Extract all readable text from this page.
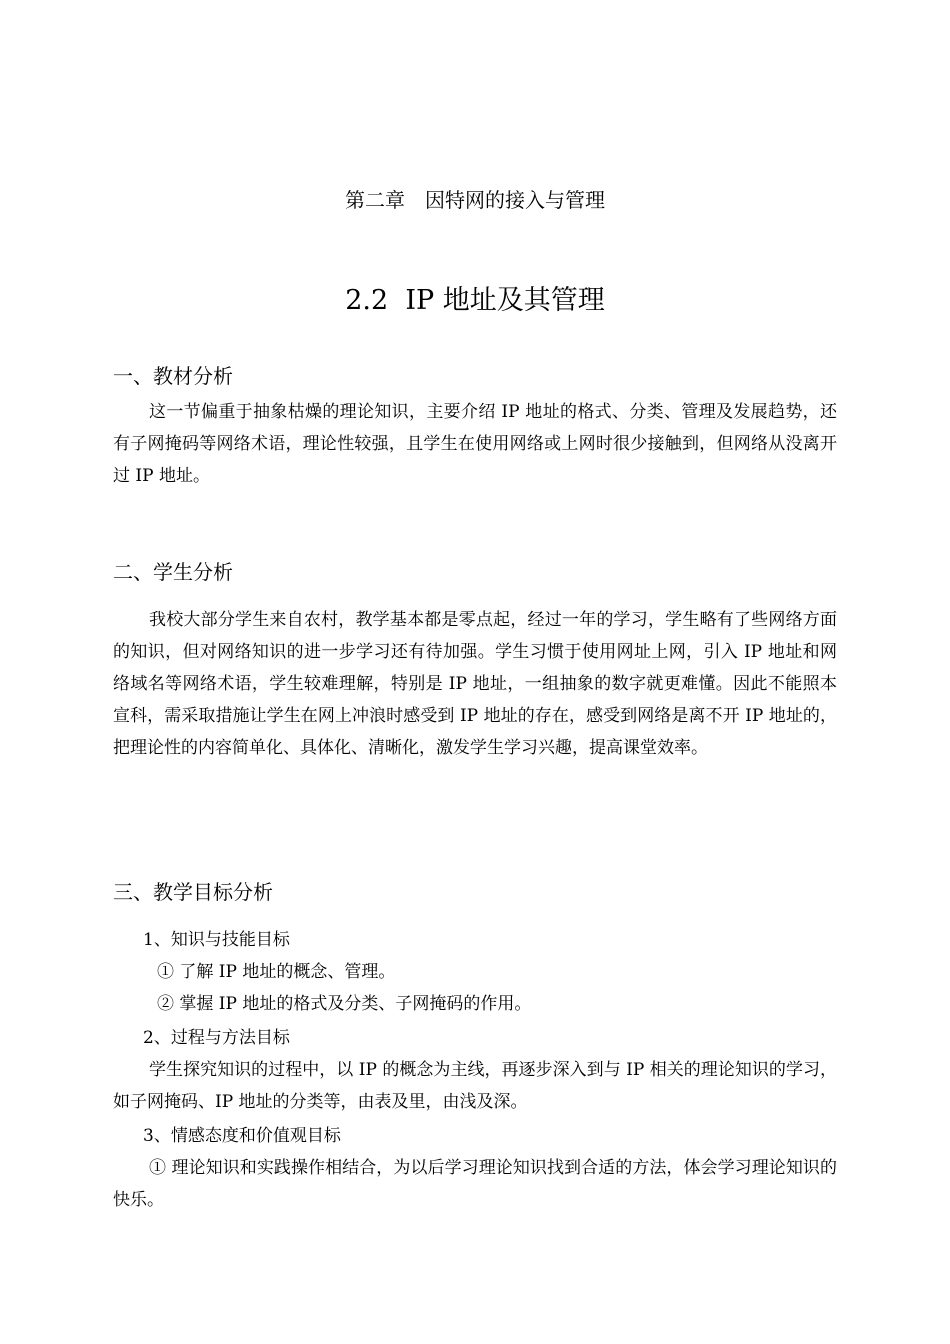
第二章　因特网的接入与管理
2.2  IP 地址及其管理
一、教材分析
这一节偏重于抽象枯燥的理论知识，主要介绍 IP 地址的格式、分类、管理及发展趋势，还有子网掩码等网络术语，理论性较强，且学生在使用网络或上网时很少接触到，但网络从没离开过 IP 地址。
二、学生分析
我校大部分学生来自农村，教学基本都是零点起，经过一年的学习，学生略有了些网络方面的知识，但对网络知识的进一步学习还有待加强。学生习惯于使用网址上网，引入 IP 地址和网络域名等网络术语，学生较难理解，特别是 IP 地址，一组抽象的数字就更难懂。因此不能照本宣科，需采取措施让学生在网上冲浪时感受到 IP 地址的存在，感受到网络是离不开 IP 地址的，把理论性的内容简单化、具体化、清晰化，激发学生学习兴趣，提高课堂效率。
三、教学目标分析
1、知识与技能目标
① 了解 IP 地址的概念、管理。
② 掌握 IP 地址的格式及分类、子网掩码的作用。
2、过程与方法目标
学生探究知识的过程中，以 IP 的概念为主线，再逐步深入到与 IP 相关的理论知识的学习，如子网掩码、IP 地址的分类等，由表及里，由浅及深。
3、情感态度和价值观目标
① 理论知识和实践操作相结合，为以后学习理论知识找到合适的方法，体会学习理论知识的快乐。
